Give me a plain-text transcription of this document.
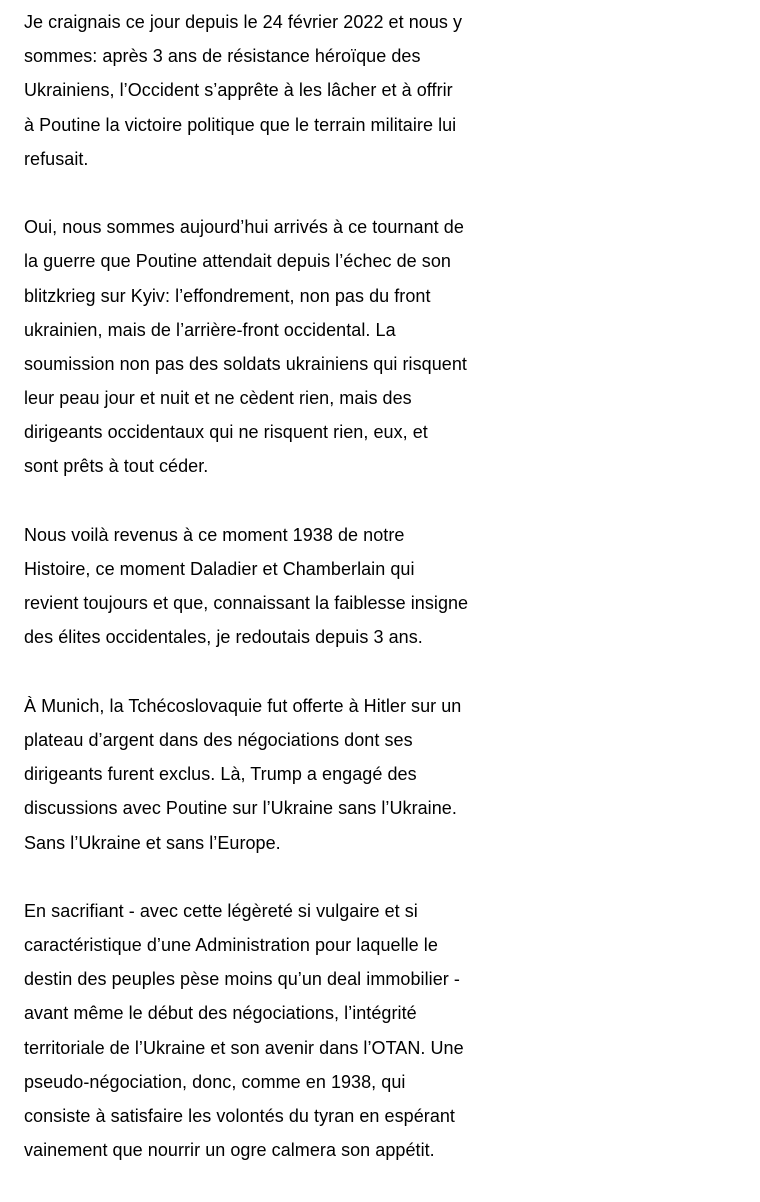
Je craignais ce jour depuis le 24 février 2022 et nous y
sommes: après 3 ans de résistance héroïque des
Ukrainiens, l’Occident s’apprête à les lâcher et à offrir
à Poutine la victoire politique que le terrain militaire lui
refusait.

Oui, nous sommes aujourd’hui arrivés à ce tournant de
la guerre que Poutine attendait depuis l’échec de son
blitzkrieg sur Kyiv: l’effondrement, non pas du front
ukrainien, mais de l’arrière-front occidental. La
soumission non pas des soldats ukrainiens qui risquent
leur peau jour et nuit et ne cèdent rien, mais des
dirigeants occidentaux qui ne risquent rien, eux, et
sont prêts à tout céder.

Nous voilà revenus à ce moment 1938 de notre
Histoire, ce moment Daladier et Chamberlain qui
revient toujours et que, connaissant la faiblesse insigne
des élites occidentales, je redoutais depuis 3 ans.

À Munich, la Tchécoslovaquie fut offerte à Hitler sur un
plateau d’argent dans des négociations dont ses
dirigeants furent exclus. Là, Trump a engagé des
discussions avec Poutine sur l’Ukraine sans l’Ukraine.
Sans l’Ukraine et sans l’Europe.

En sacrifiant - avec cette légèreté si vulgaire et si
caractéristique d’une Administration pour laquelle le
destin des peuples pèse moins qu’un deal immobilier -
avant même le début des négociations, l’intégrité
territoriale de l’Ukraine et son avenir dans l’OTAN. Une
pseudo-négociation, donc, comme en 1938, qui
consiste à satisfaire les volontés du tyran en espérant
vainement que nourrir un ogre calmera son appétit.
